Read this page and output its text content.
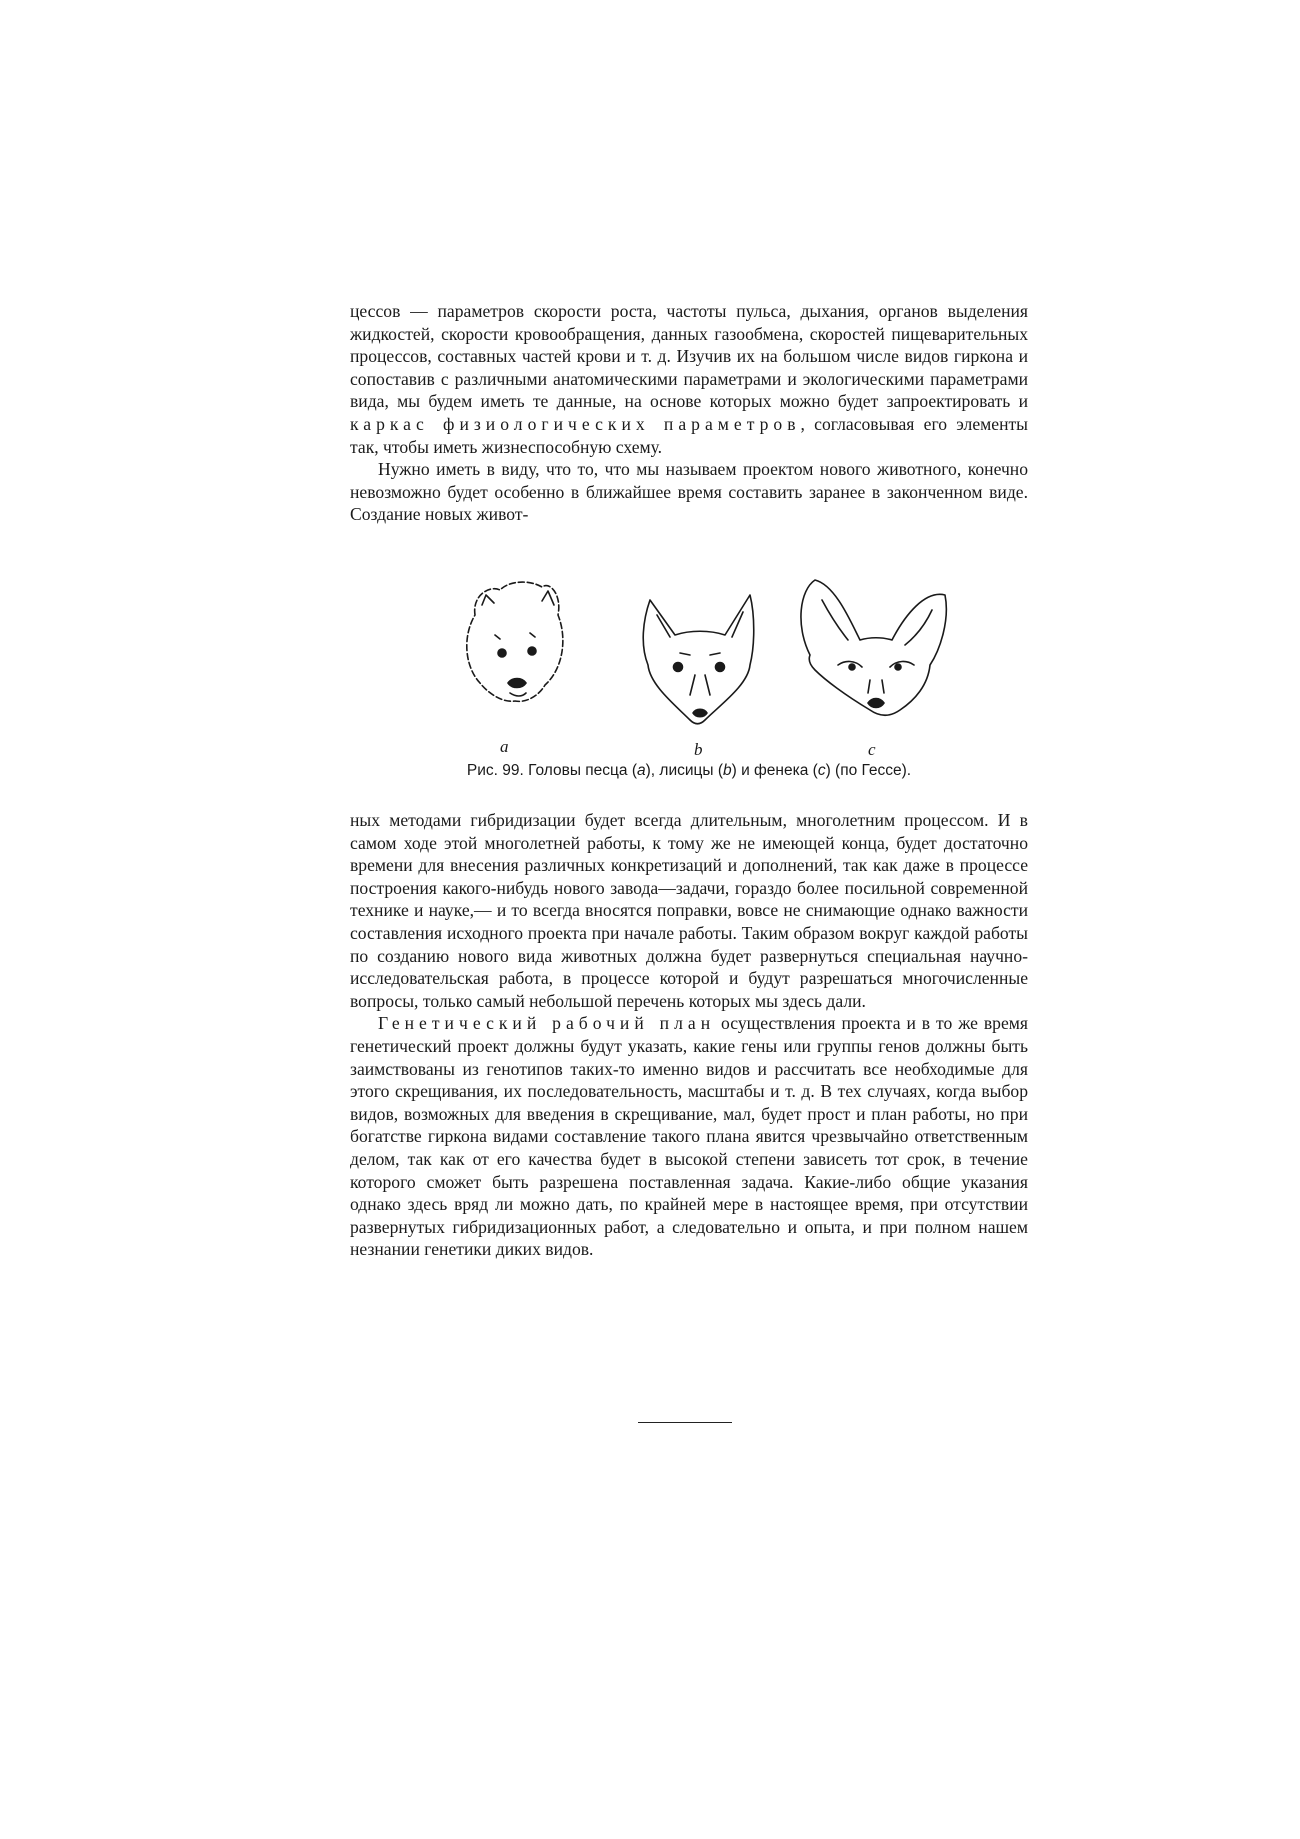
цессов — параметров скорости роста, частоты пульса, дыхания, органов выделения жидкостей, скорости кровообращения, данных газообмена, скоростей пищеварительных процессов, составных частей крови и т. д. Изучив их на большом числе видов гиркона и сопоставив с различными анатомическими параметрами и экологическими параметрами вида, мы будем иметь те данные, на основе которых можно будет запроектировать и каркас физиологических параметров, согласовывая его элементы так, чтобы иметь жизнеспособную схему.

Нужно иметь в виду, что то, что мы называем проектом нового животного, конечно невозможно будет особенно в ближайшее время составить заранее в законченном виде. Создание новых живот-

a	b	c
Рис. 99. Головы песца (a), лисицы (b) и фенека (c) (по Гессе).

ных методами гибридизации будет всегда длительным, многолетним процессом. И в самом ходе этой многолетней работы, к тому же не имеющей конца, будет достаточно времени для внесения различных конкретизаций и дополнений, так как даже в процессе построения какого-нибудь нового завода—задачи, гораздо более посильной современной технике и науке,— и то всегда вносятся поправки, вовсе не снимающие однако важности составления исходного проекта при начале работы. Таким образом вокруг каждой работы по созданию нового вида животных должна будет развернуться специальная научно-исследовательская работа, в процессе которой и будут разрешаться многочисленные вопросы, только самый небольшой перечень которых мы здесь дали.

Генетический рабочий план осуществления проекта и в то же время генетический проект должны будут указать, какие гены или группы генов должны быть заимствованы из генотипов таких-то именно видов и рассчитать все необходимые для этого скрещивания, их последовательность, масштабы и т. д. В тех случаях, когда выбор видов, возможных для введения в скрещивание, мал, будет прост и план работы, но при богатстве гиркона видами составление такого плана явится чрезвычайно ответственным делом, так как от его качества будет в высокой степени зависеть тот срок, в течение которого сможет быть разрешена поставленная задача. Какие-либо общие указания однако здесь вряд ли можно дать, по крайней мере в настоящее время, при отсутствии развернутых гибридизационных работ, а следовательно и опыта, и при полном нашем незнании генетики диких видов.
